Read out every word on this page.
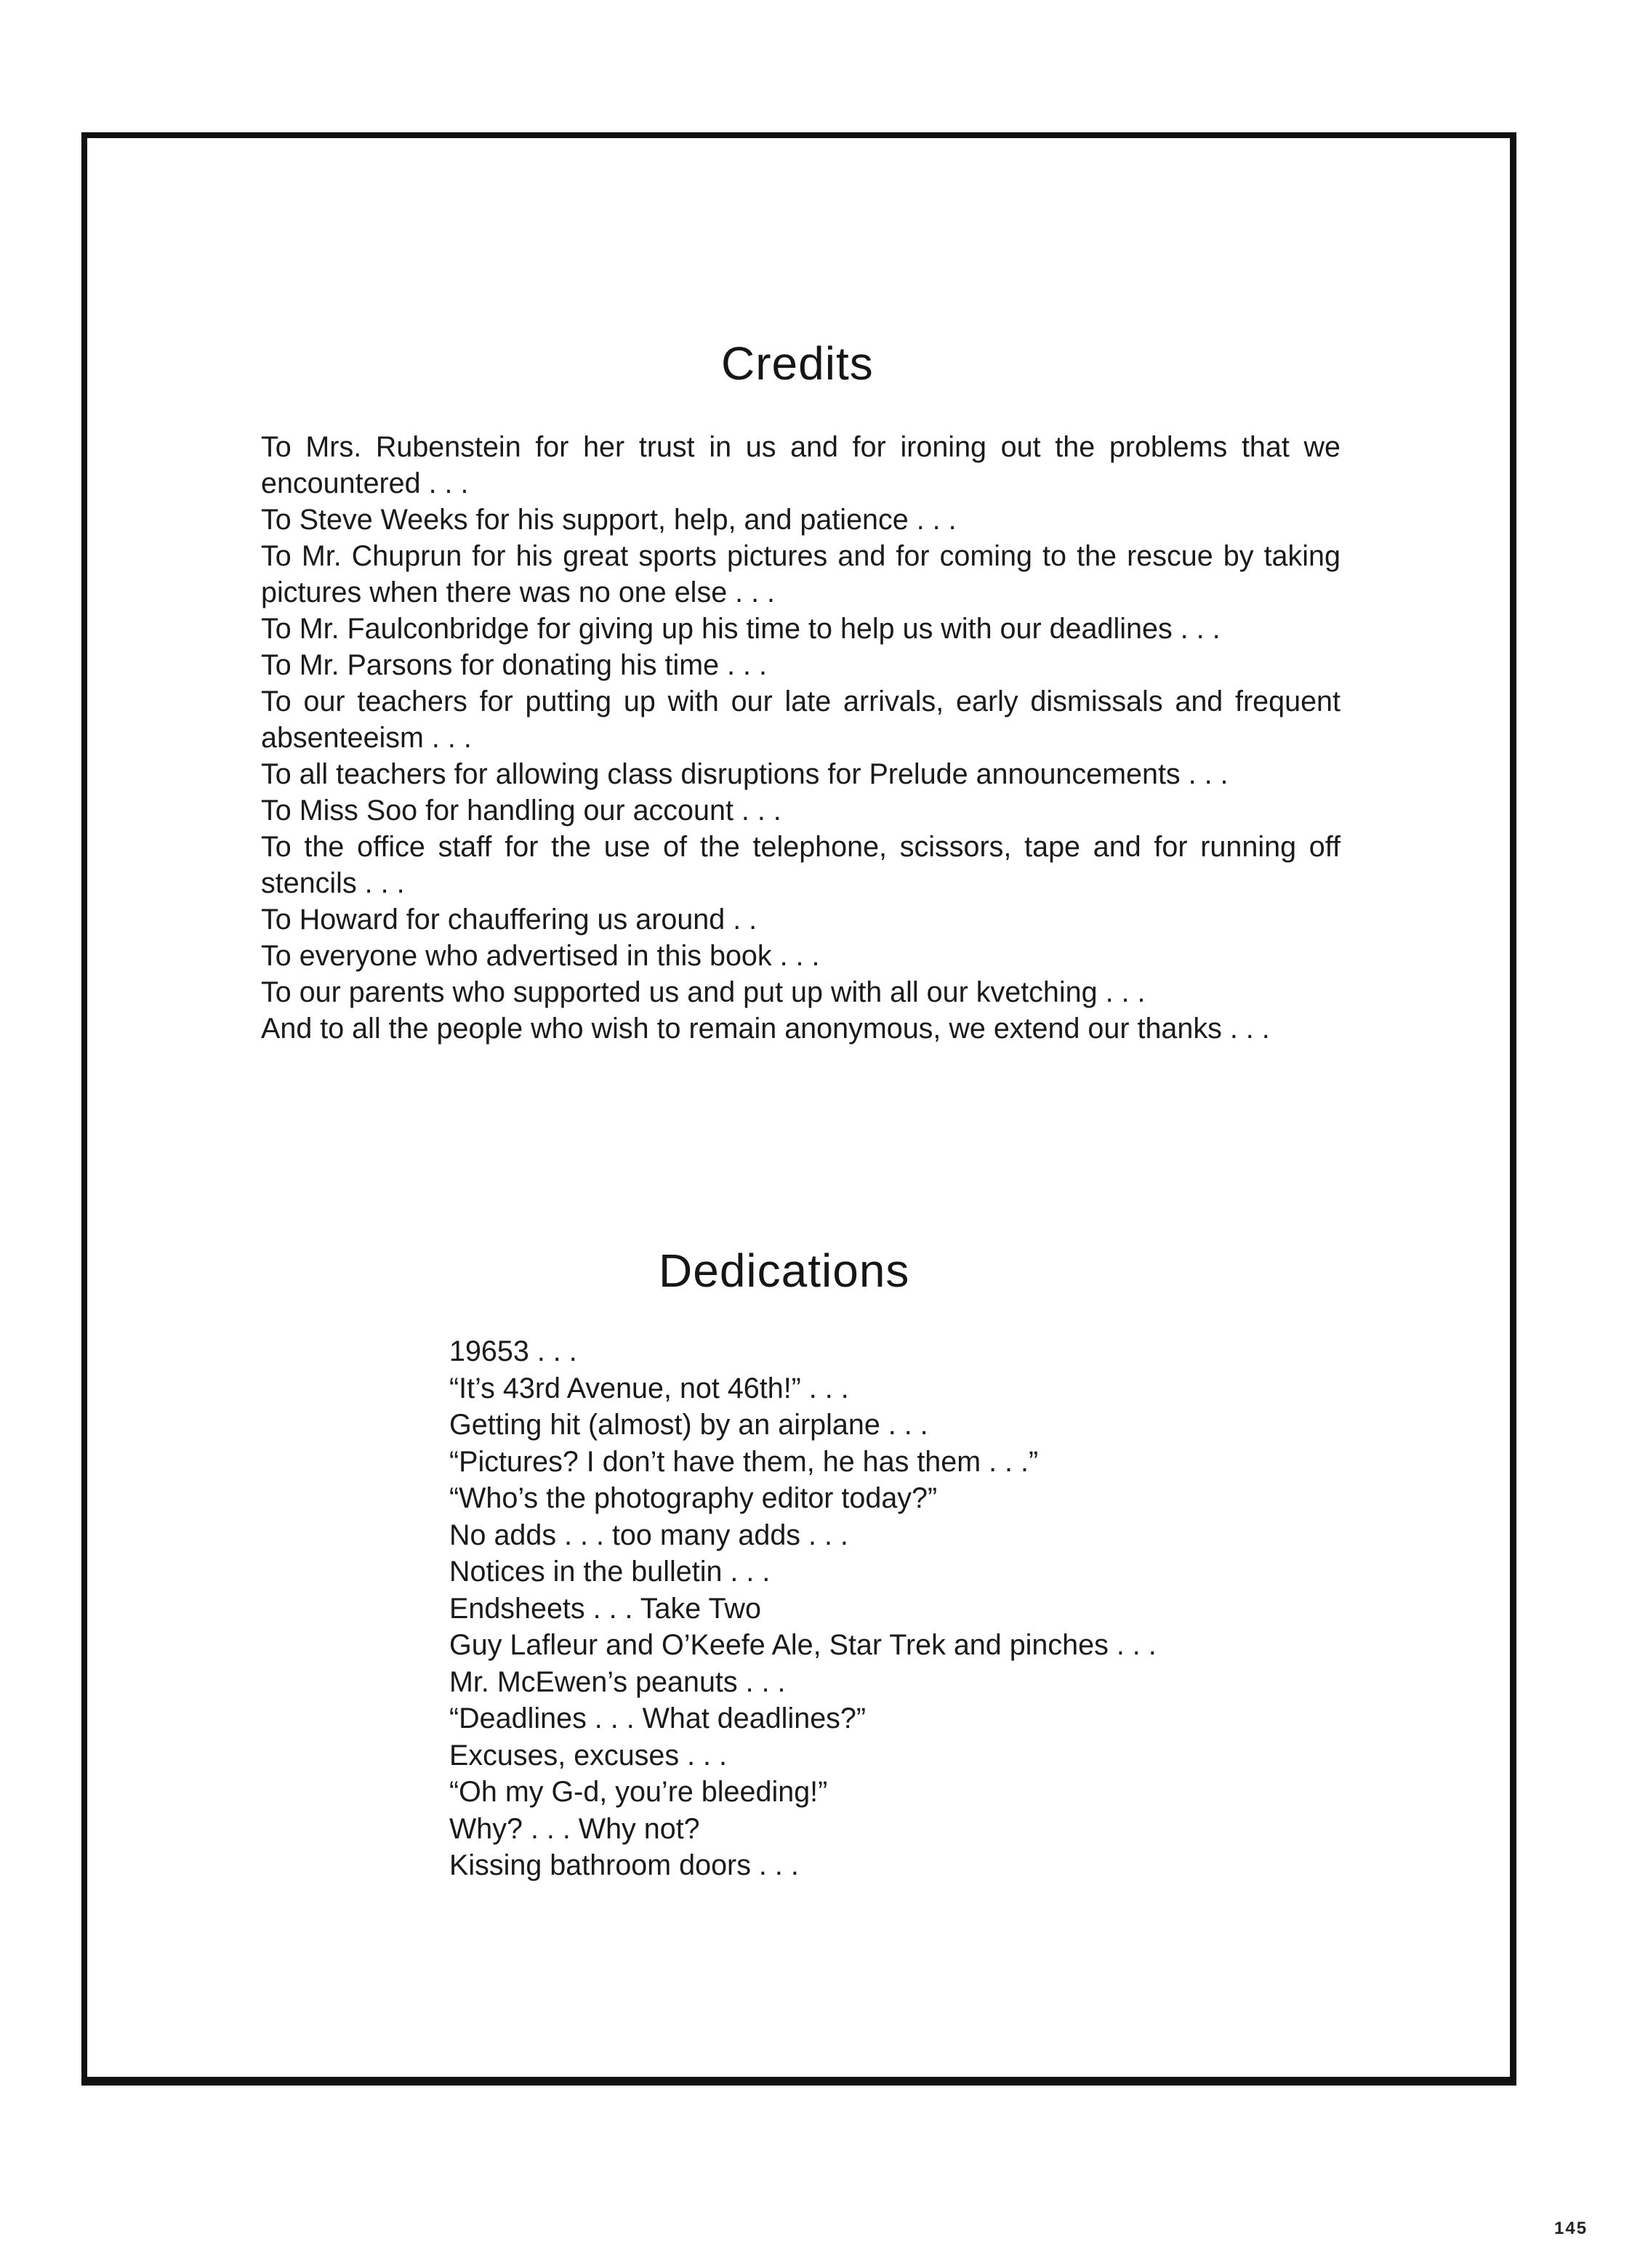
Credits
To Mrs. Rubenstein for her trust in us and for ironing out the problems that we encountered . . .
To Steve Weeks for his support, help, and patience . . .
To Mr. Chuprun for his great sports pictures and for coming to the rescue by taking pictures when there was no one else . . .
To Mr. Faulconbridge for giving up his time to help us with our deadlines . . .
To Mr. Parsons for donating his time . . .
To our teachers for putting up with our late arrivals, early dismissals and frequent absenteeism . . .
To all teachers for allowing class disruptions for Prelude announcements . . .
To Miss Soo for handling our account . . .
To the office staff for the use of the telephone, scissors, tape and for running off stencils . . .
To Howard for chauffering us around . .
To everyone who advertised in this book . . .
To our parents who supported us and put up with all our kvetching . . .
And to all the people who wish to remain anonymous, we extend our thanks . . .
Dedications
19653 . . .
“It’s 43rd Avenue, not 46th!” . . .
Getting hit (almost) by an airplane . . .
“Pictures? I don’t have them, he has them . . .”
“Who’s the photography editor today?”
No adds . . . too many adds . . .
Notices in the bulletin . . .
Endsheets . . . Take Two
Guy Lafleur and O’Keefe Ale, Star Trek and pinches . . .
Mr. McEwen’s peanuts . . .
“Deadlines . . . What deadlines?”
Excuses, excuses . . .
“Oh my G-d, you’re bleeding!”
Why? . . . Why not?
Kissing bathroom doors . . .
145
